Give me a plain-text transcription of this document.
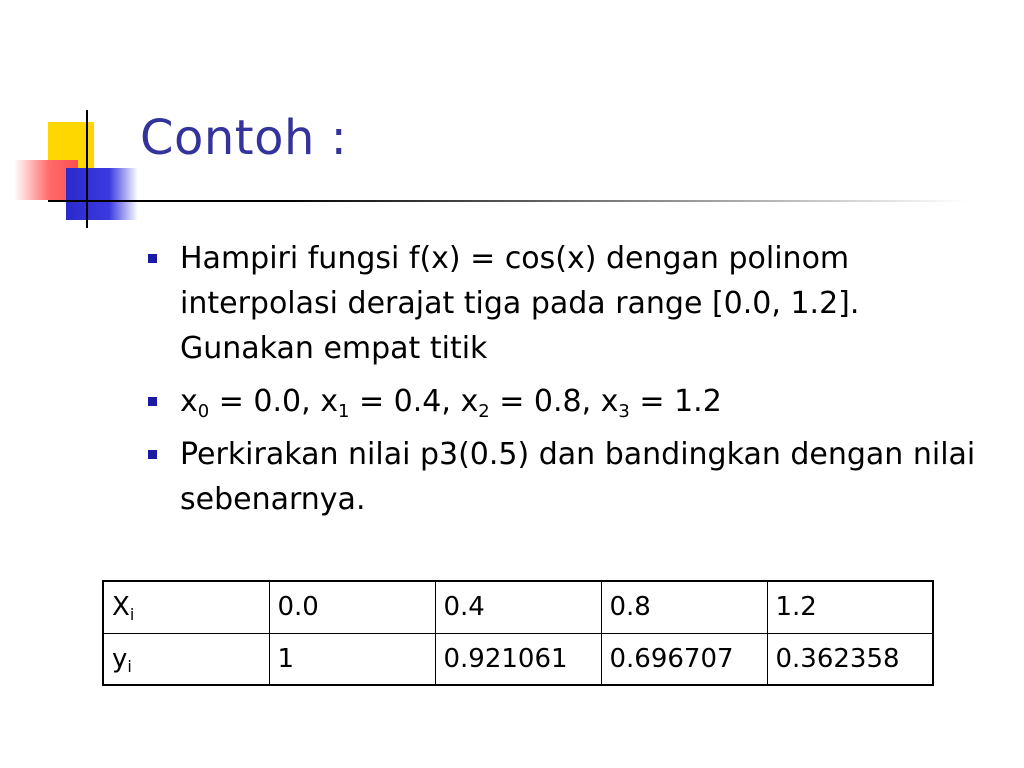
Contoh :
Hampiri fungsi f(x) = cos(x) dengan polinom interpolasi derajat tiga pada range [0.0, 1.2]. Gunakan empat titik
$x_0 = 0.0$, $x_1 = 0.4$, $x_2 = 0.8$, $x_3 = 1.2$
Perkirakan nilai p3(0.5) dan bandingkan dengan nilai sebenarnya.
$X_i$	0.0	0.4	0.8	1.2
$y_i$	1	0.921061	0.696707	0.362358
